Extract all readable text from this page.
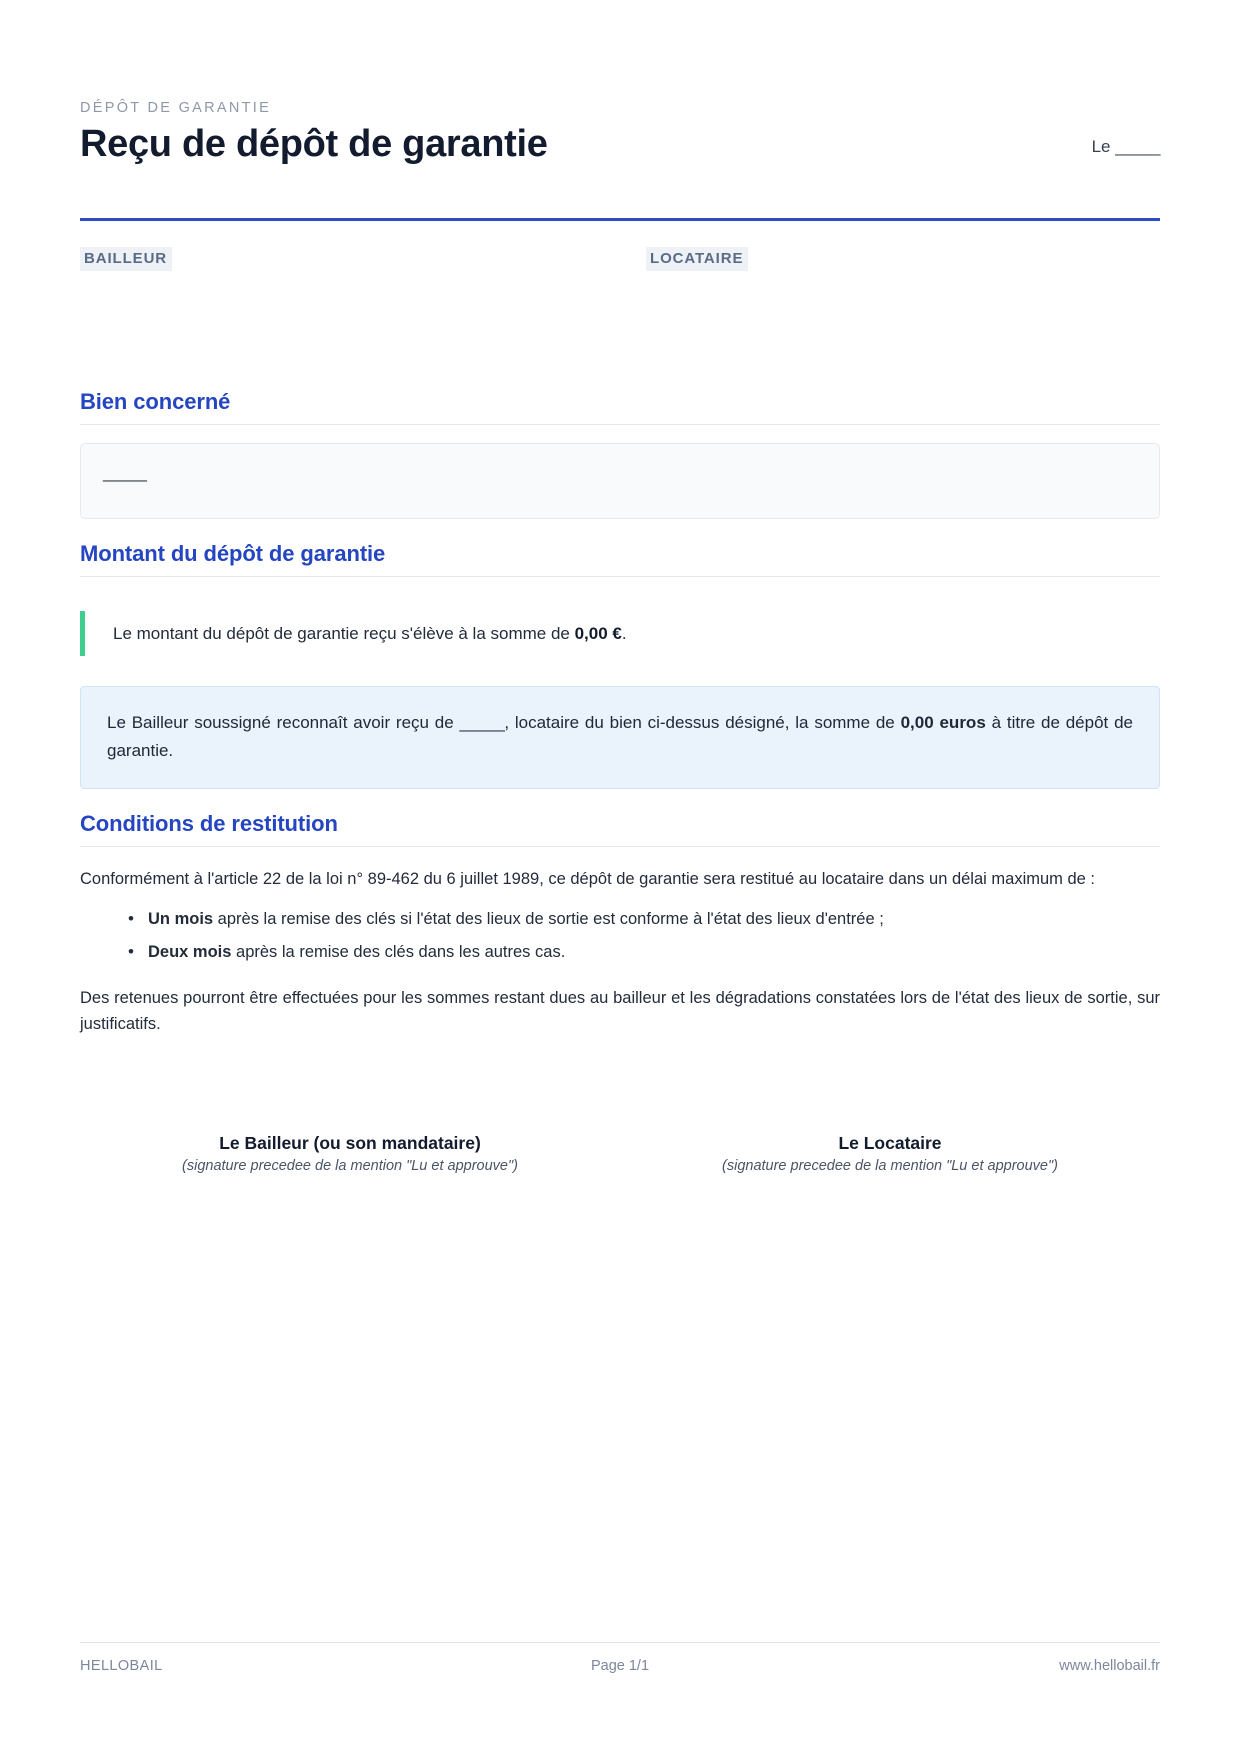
DÉPÔT DE GARANTIE
Reçu de dépôt de garantie	Le _____
BAILLEUR	LOCATAIRE
Bien concerné
_____
Montant du dépôt de garantie
Le montant du dépôt de garantie reçu s'élève à la somme de 0,00 €.
Le Bailleur soussigné reconnaît avoir reçu de _____, locataire du bien ci-dessus désigné, la somme de 0,00 euros à titre de dépôt de garantie.
Conditions de restitution

Conformément à l'article 22 de la loi n° 89-462 du 6 juillet 1989, ce dépôt de garantie sera restitué au locataire dans un délai maximum de :

• Un mois après la remise des clés si l'état des lieux de sortie est conforme à l'état des lieux d'entrée ;
• Deux mois après la remise des clés dans les autres cas.

Des retenues pourront être effectuées pour les sommes restant dues au bailleur et les dégradations constatées lors de l'état des lieux de sortie, sur justificatifs.

Le Bailleur (ou son mandataire)
(signature precedee de la mention "Lu et approuve")
Le Locataire
(signature precedee de la mention "Lu et approuve")
HELLOBAIL	Page 1/1	www.hellobail.fr
